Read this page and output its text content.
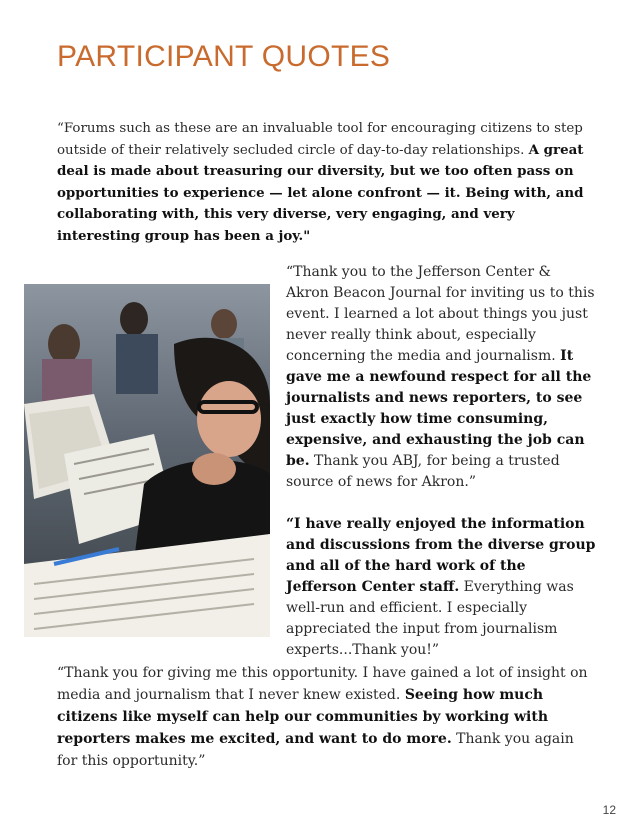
PARTICIPANT QUOTES

“Forums such as these are an invaluable tool for encouraging citizens to step outside of their relatively secluded circle of day-to-day relationships. A great deal is made about treasuring our diversity, but we too often pass on opportunities to experience — let alone confront — it. Being with, and collaborating with, this very diverse, very engaging, and very interesting group has been a joy."

“Thank you to the Jefferson Center & Akron Beacon Journal for inviting us to this event. I learned a lot about things you just never really think about, especially concerning the media and journalism. It gave me a newfound respect for all the journalists and news reporters, to see just exactly how time consuming, expensive, and exhausting the job can be. Thank you ABJ, for being a trusted source of news for Akron.”

“I have really enjoyed the information and discussions from the diverse group and all of the hard work of the Jefferson Center staff. Everything was well-run and efficient. I especially appreciated the input from journalism experts...Thank you!”

“Thank you for giving me this opportunity. I have gained a lot of insight on media and journalism that I never knew existed. Seeing how much citizens like myself can help our communities by working with reporters makes me excited, and want to do more. Thank you again for this opportunity.”

12
